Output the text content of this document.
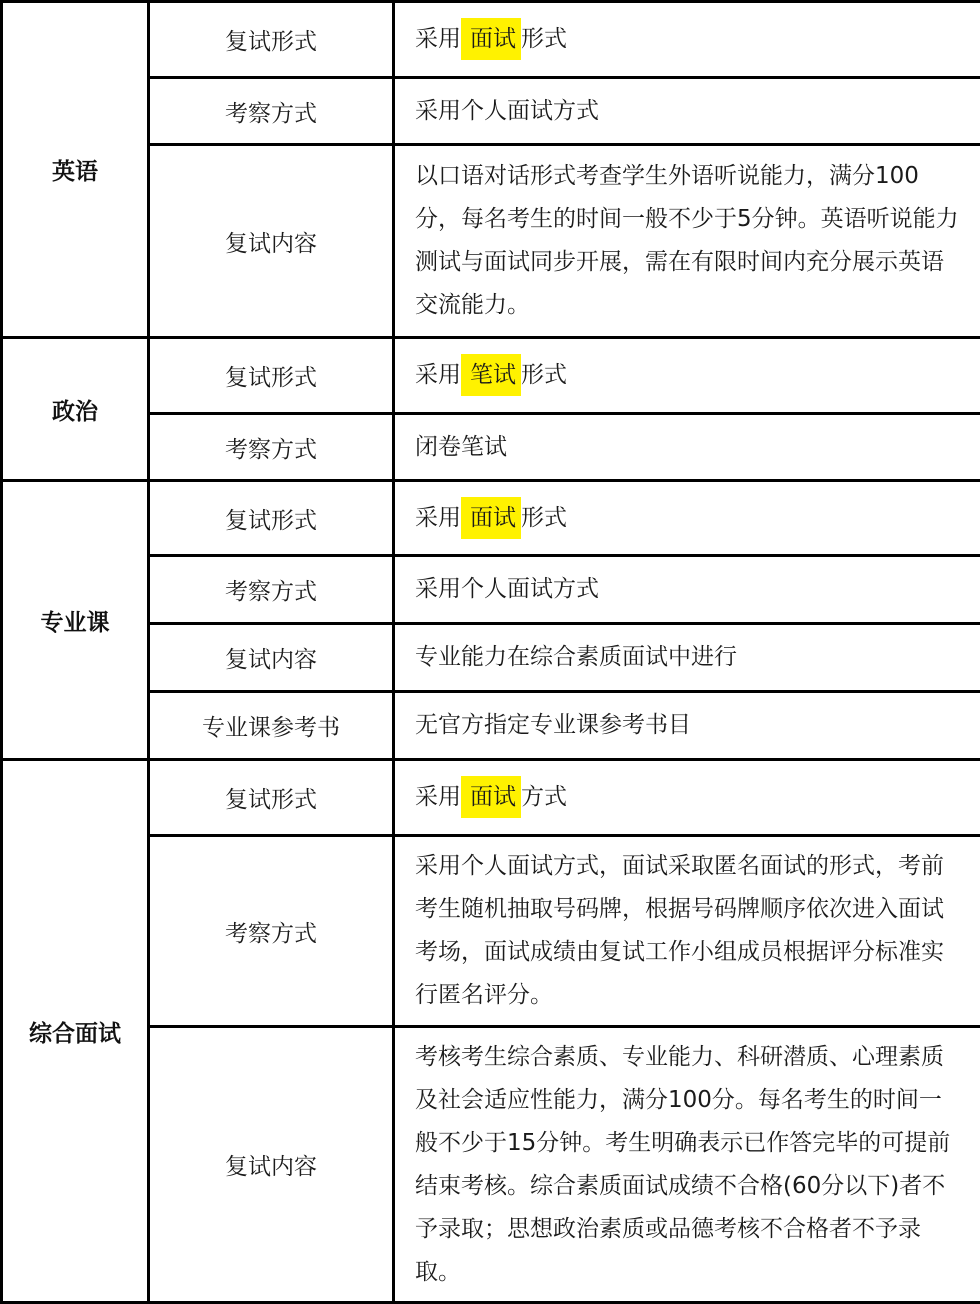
英语	复试形式	采用 面试 形式
	考察方式	采用个人面试方式
	复试内容	以口语对话形式考查学生外语听说能力，满分100分，每名考生的时间一般不少于5分钟。英语听说能力测试与面试同步开展，需在有限时间内充分展示英语交流能力。
政治	复试形式	采用 笔试 形式
	考察方式	闭卷笔试
专业课	复试形式	采用 面试 形式
	考察方式	采用个人面试方式
	复试内容	专业能力在综合素质面试中进行
	专业课参考书	无官方指定专业课参考书目
综合面试	复试形式	采用 面试 方式
	考察方式	采用个人面试方式，面试采取匿名面试的形式，考前考生随机抽取号码牌，根据号码牌顺序依次进入面试考场，面试成绩由复试工作小组成员根据评分标准实行匿名评分。
	复试内容	考核考生综合素质、专业能力、科研潜质、心理素质及社会适应性能力，满分100分。每名考生的时间一般不少于15分钟。考生明确表示已作答完毕的可提前结束考核。综合素质面试成绩不合格(60分以下)者不予录取；思想政治素质或品德考核不合格者不予录取。
